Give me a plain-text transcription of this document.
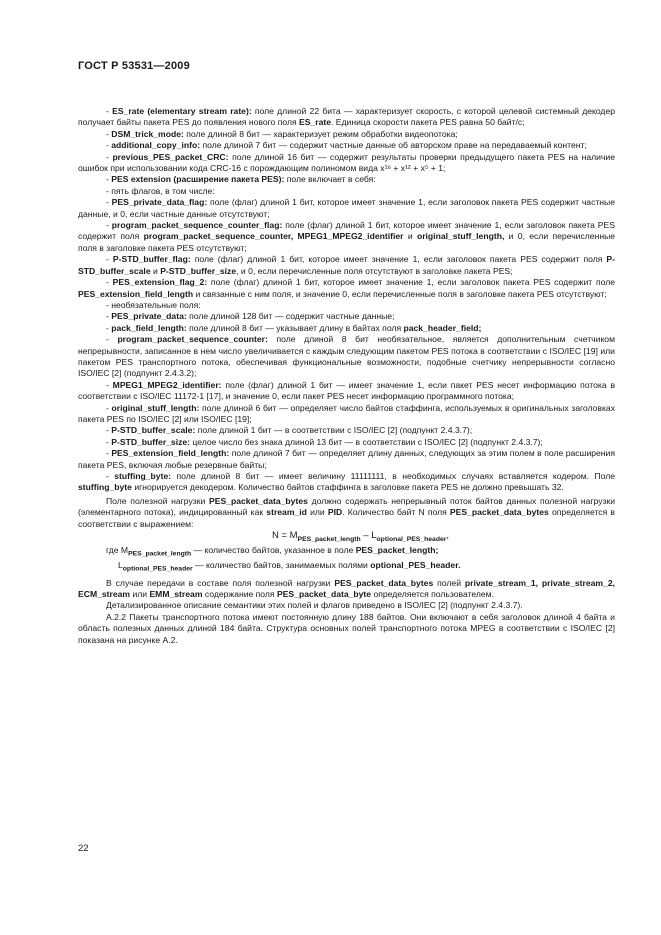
ГОСТ Р 53531—2009

- ES_rate (elementary stream rate): поле длиной 22 бита — характеризует скорость, с которой целевой системный декодер получает байты пакета PES до появления нового поля ES_rate. Единица скорости пакета PES равна 50 байт/с;

- DSM_trick_mode: поле длиной 8 бит — характеризует режим обработки видеопотока;

- additional_copy_info: поле длиной 7 бит — содержит частные данные об авторском праве на передаваемый контент;

- previous_PES_packet_CRC: поле длиной 16 бит — содержит результаты проверки предыдущего пакета PES на наличие ошибок при использовании кода CRC-16 с порождающим полиномом вида x¹⁶ + x¹² + x⁵ + 1;

- PES extension (расширение пакета PES): поле включает в себя:

- пять флагов, в том числе:

- PES_private_data_flag: поле (флаг) длиной 1 бит, которое имеет значение 1, если заголовок пакета PES содержит частные данные, и 0, если частные данные отсутствуют;

- program_packet_sequence_counter_flag: поле (флаг) длиной 1 бит, которое имеет значение 1, если заголовок пакета PES содержит поля program_packet_sequence_counter, MPEG1_MPEG2_identifier и original_stuff_length, и 0, если перечисленные поля в заголовке пакета PES отсутствуют;

- P-STD_buffer_flag: поле (флаг) длиной 1 бит, которое имеет значение 1, если заголовок пакета PES содержит поля P-STD_buffer_scale и P-STD_buffer_size, и 0, если перечисленные поля отсутствуют в заголовке пакета PES;

- PES_extension_flag_2: поле (флаг) длиной 1 бит, которое имеет значение 1, если заголовок пакета PES содержит поле PES_extension_field_length и связанные с ним поля, и значение 0, если перечисленные поля в заголовке пакета PES отсутствуют;

- необязательные поля:

- PES_private_data: поле длиной 128 бит — содержит частные данные;

- pack_field_length: поле длиной 8 бит — указывает длину в байтах поля pack_header_field;

- program_packet_sequence_counter: поле длиной 8 бит необязательное, является дополнительным счетчиком непрерывности, записанное в нем число увеличивается с каждым следующим пакетом PES потока в соответствии с ISO/IEC [19] или пакетом PES транспортного потока, обеспечивая функциональные возможности, подобные счетчику непрерывности согласно ISO/IEC [2] (подпункт 2.4.3.2);

- MPEG1_MPEG2_identifier: поле (флаг) длиной 1 бит — имеет значение 1, если пакет PES несет информацию потока в соответствии с ISO/IEC 11172-1 [17], и значение 0, если пакет PES несет информацию программного потока;

- original_stuff_length: поле длиной 6 бит — определяет число байтов стаффинга, используемых в оригинальных заголовках пакета PES по ISO/IEC [2] или ISO/IEC [19];

- P-STD_buffer_scale: поле длиной 1 бит — в соответствии с ISO/IEC [2] (подпункт 2.4.3.7);

- P-STD_buffer_size: целое число без знака длиной 13 бит — в соответствии с ISO/IEC [2] (подпункт 2.4.3.7);

- PES_extension_field_length: поле длиной 7 бит — определяет длину данных, следующих за этим полем в поле расширения пакета PES, включая любые резервные байты;

- stuffing_byte: поле длиной 8 бит — имеет величину 11111111, в необходимых случаях вставляется кодером. Поле stuffing_byte игнорируется декодером. Количество байтов стаффинга в заголовке пакета PES не должно превышать 32.

Поле полезной нагрузки PES_packet_data_bytes должно содержать непрерывный поток байтов данных полезной нагрузки (элементарного потока), индицированный как stream_id или PID. Количество байт N поля PES_packet_data_bytes определяется в соответствии с выражением:

$N = M_{PES\_packet\_length} - L_{optional\_PES\_header}$,

где $M_{PES\_packet\_length}$ — количество байтов, указанное в поле PES_packet_length;

$L_{optional\_PES\_header}$ — количество байтов, занимаемых полями optional_PES_header.

В случае передачи в составе поля полезной нагрузки PES_packet_data_bytes полей private_stream_1, private_stream_2, ECM_stream или EMM_stream содержание поля PES_packet_data_byte определяется пользователем.

Детализированное описание семантики этих полей и флагов приведено в ISO/IEC [2] (подпункт 2.4.3.7).

А.2.2 Пакеты транспортного потока имеют постоянную длину 188 байтов. Они включают в себя заголовок длиной 4 байта и область полезных данных длиной 184 байта. Структура основных полей транспортного потока MPEG в соответствии с ISO/IEC [2] показана на рисунке А.2.

22
